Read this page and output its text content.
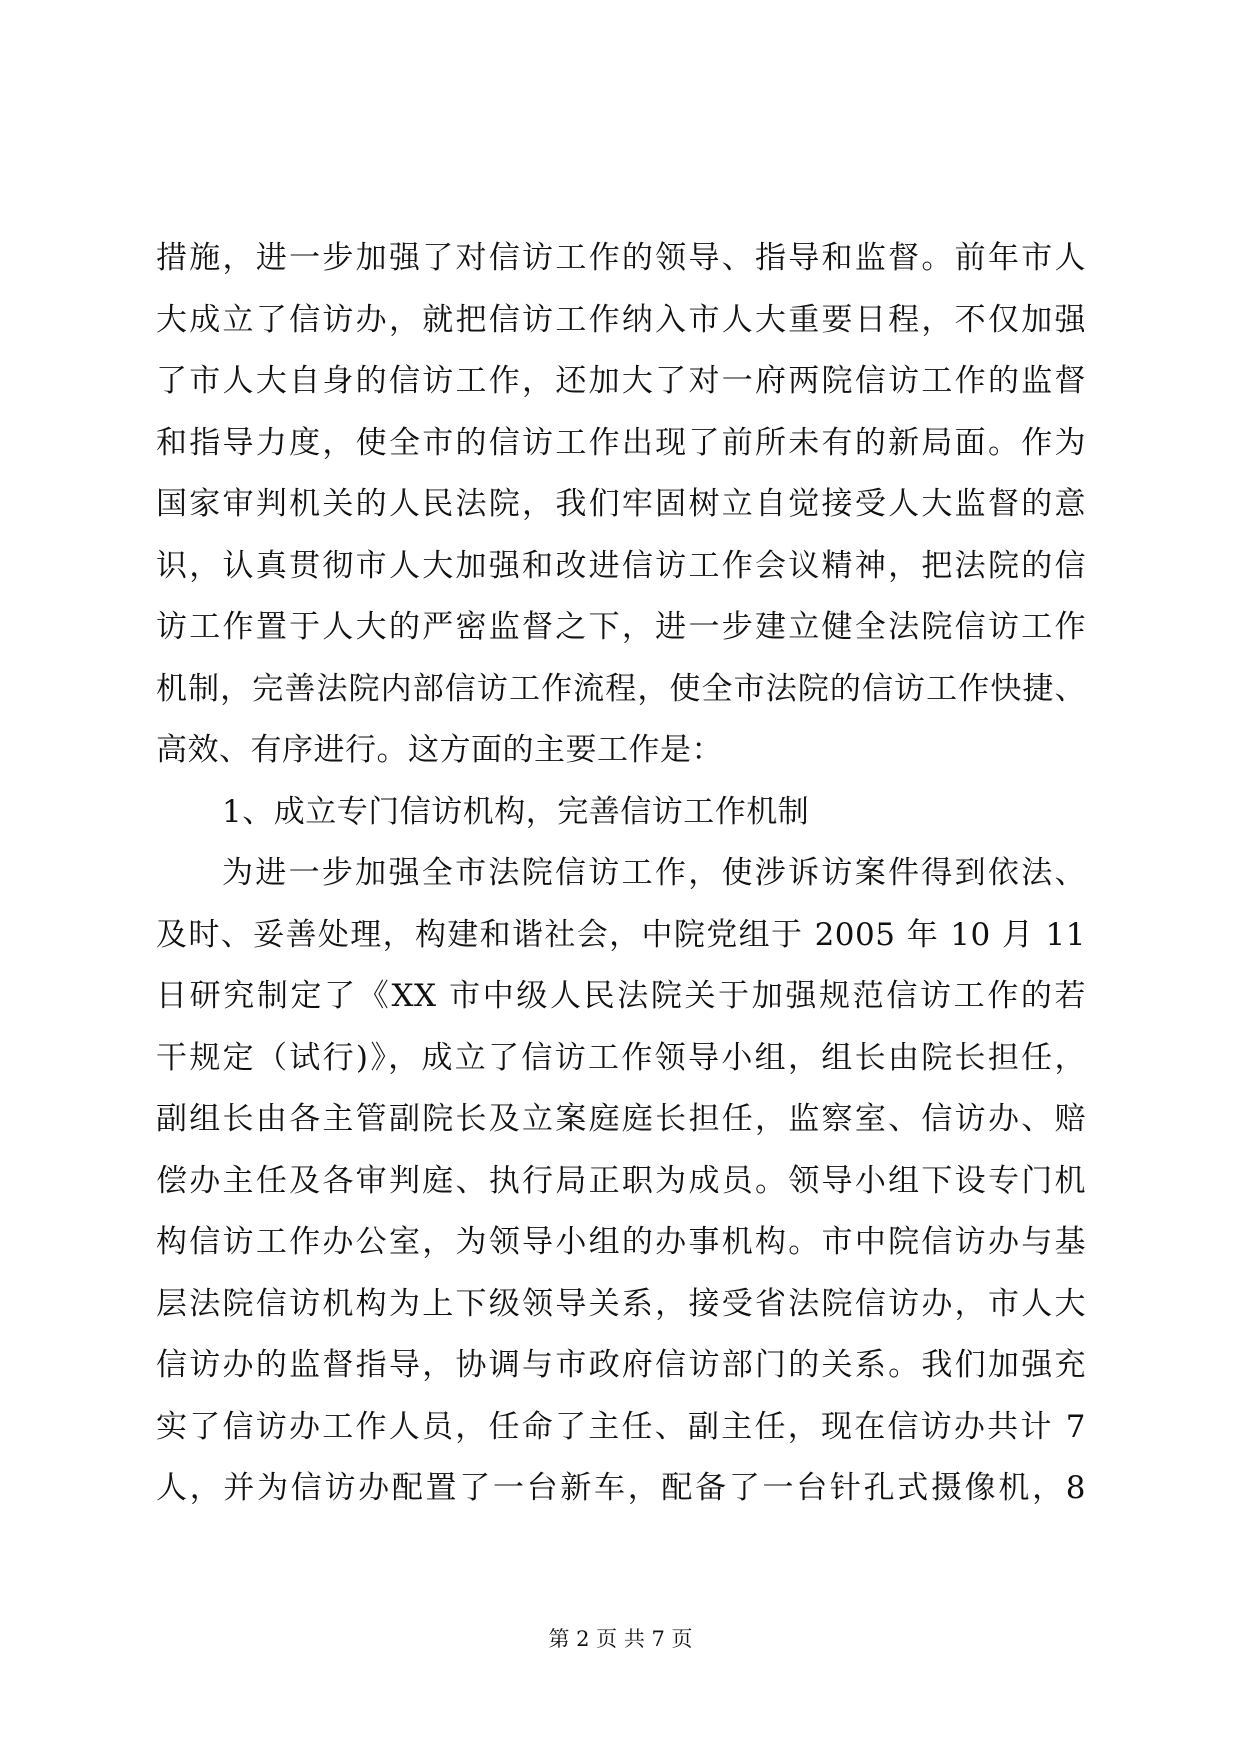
措施，进一步加强了对信访工作的领导、指导和监督。前年市人
大成立了信访办，就把信访工作纳入市人大重要日程，不仅加强
了市人大自身的信访工作，还加大了对一府两院信访工作的监督
和指导力度，使全市的信访工作出现了前所未有的新局面。作为
国家审判机关的人民法院，我们牢固树立自觉接受人大监督的意
识，认真贯彻市人大加强和改进信访工作会议精神，把法院的信
访工作置于人大的严密监督之下，进一步建立健全法院信访工作
机制，完善法院内部信访工作流程，使全市法院的信访工作快捷、
高效、有序进行。这方面的主要工作是：
1、成立专门信访机构，完善信访工作机制
为进一步加强全市法院信访工作，使涉诉访案件得到依法、
及时、妥善处理，构建和谐社会，中院党组于 2005 年 10 月 11
日研究制定了《XX 市中级人民法院关于加强规范信访工作的若
干规定（试行)》，成立了信访工作领导小组，组长由院长担任，
副组长由各主管副院长及立案庭庭长担任，监察室、信访办、赔
偿办主任及各审判庭、执行局正职为成员。领导小组下设专门机
构信访工作办公室，为领导小组的办事机构。市中院信访办与基
层法院信访机构为上下级领导关系，接受省法院信访办，市人大
信访办的监督指导，协调与市政府信访部门的关系。我们加强充
实了信访办工作人员，任命了主任、副主任，现在信访办共计 7
人，并为信访办配置了一台新车，配备了一台针孔式摄像机，8
第 2 页 共 7 页
